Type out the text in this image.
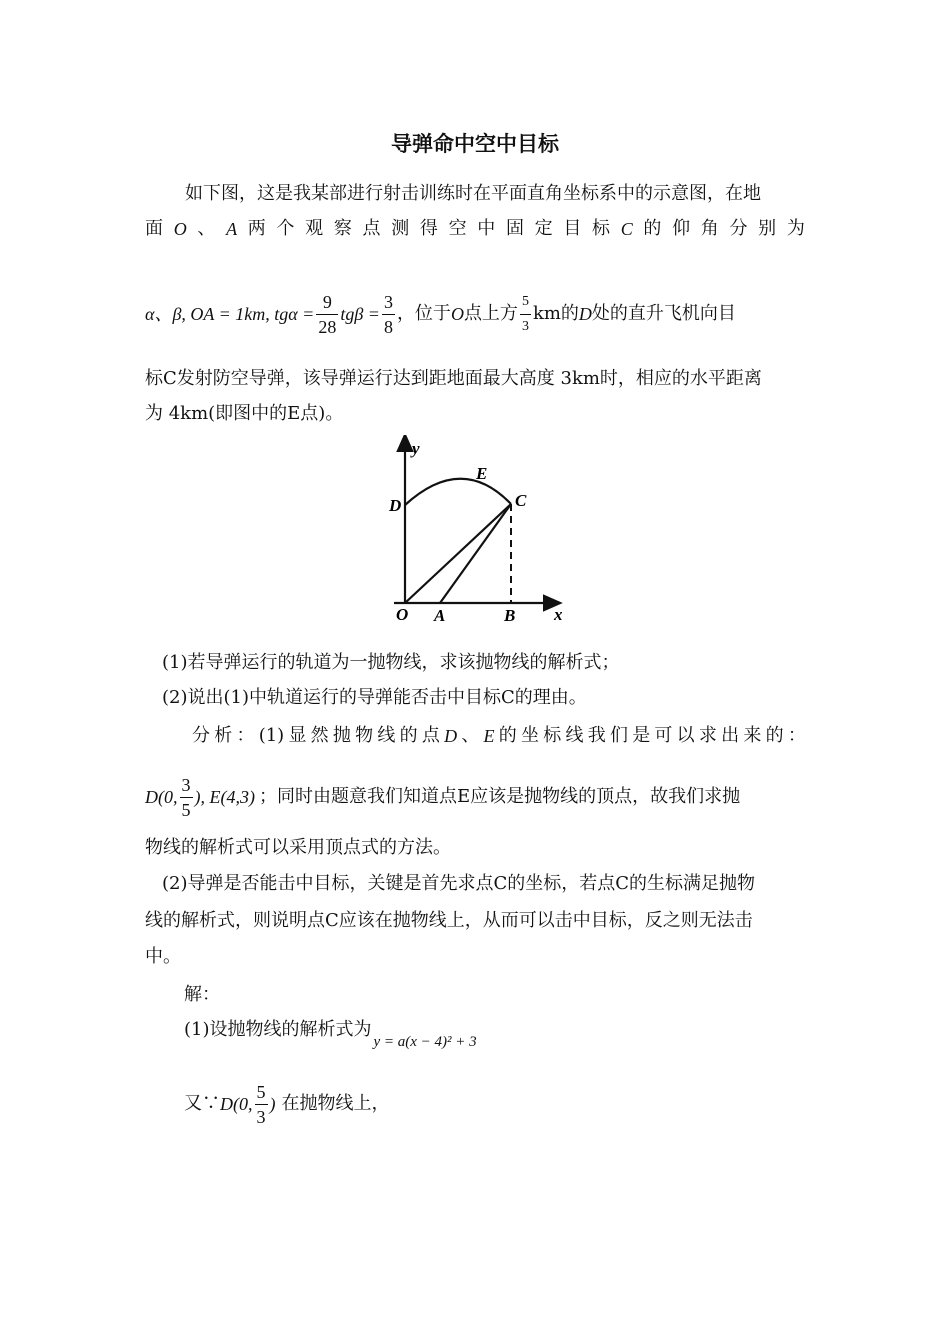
导弹命中空中目标
如下图，这是我某部进行射击训练时在平面直角坐标系中的示意图，在地
面 O 、 A 两 个 观 察 点 测 得 空 中 固 定 目 标 C 的 仰 角 分 别 为
α、β, OA = 1km, $tg\alpha = \frac{9}{28}$ $tg\beta = \frac{3}{8}$ ，位于 O 点上方 $\frac{5}{3}$ km的 D 处的直升飞机向目
标C发射防空导弹，该导弹运行达到距地面最大高度 3km时，相应的水平距离
为 4km(即图中的E点)。
y
x
O A	B
C
D
E
(1)若导弹运行的轨道为一抛物线，求该抛物线的解析式；
(2)说出(1)中轨道运行的导弹能否击中目标C的理由。
分 析 ： (1) 显 然 抛 物 线 的 点 D 、 E 的 坐 标 线 我 们 是 可 以 求 出 来 的 ：
D(0, $\frac{3}{5}$ ), E(4,3) ；同时由题意我们知道点E应该是抛物线的顶点，故我们求抛
物线的解析式可以采用顶点式的方法。
(2)导弹是否能击中目标，关键是首先求点C的坐标，若点C的生标满足抛物
线的解析式，则说明点C应该在抛物线上，从而可以击中目标，反之则无法击
中。
解：
(1)设抛物线的解析式为
y = a(x − 4)² + 3
又∵ D(0, $\frac{5}{3}$ ) 在抛物线上，
